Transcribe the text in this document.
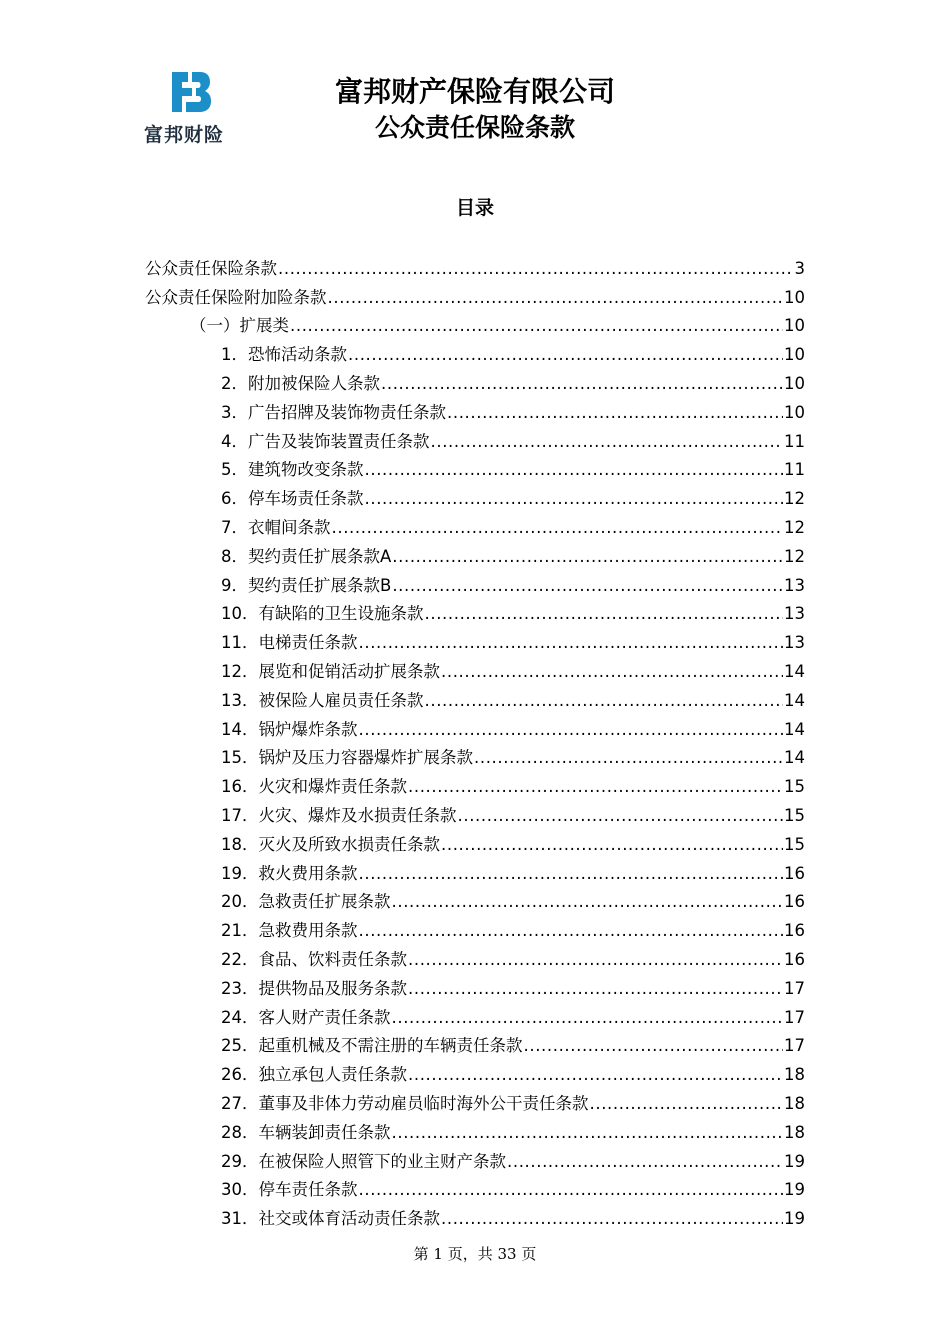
富邦财险
富邦财产保险有限公司
公众责任保险条款
目录
公众责任保险条款 .....	3
公众责任保险附加险条款 .....	10
（一）扩展类 .....	10
1． 恐怖活动条款 .....	10
2． 附加被保险人条款 .....	10
3． 广告招牌及装饰物责任条款 .....	10
4． 广告及装饰装置责任条款 .....	11
5． 建筑物改变条款 .....	11
6． 停车场责任条款 .....	12
7． 衣帽间条款 .....	12
8． 契约责任扩展条款A .....	12
9． 契约责任扩展条款B .....	13
10． 有缺陷的卫生设施条款 .....	13
11． 电梯责任条款 .....	13
12． 展览和促销活动扩展条款 .....	14
13． 被保险人雇员责任条款 .....	14
14． 锅炉爆炸条款 .....	14
15． 锅炉及压力容器爆炸扩展条款 .....	14
16． 火灾和爆炸责任条款 .....	15
17． 火灾、爆炸及水损责任条款 .....	15
18． 灭火及所致水损责任条款 .....	15
19． 救火费用条款 .....	16
20． 急救责任扩展条款 .....	16
21． 急救费用条款 .....	16
22． 食品、饮料责任条款 .....	16
23． 提供物品及服务条款 .....	17
24． 客人财产责任条款 .....	17
25． 起重机械及不需注册的车辆责任条款 .....	17
26． 独立承包人责任条款 .....	18
27． 董事及非体力劳动雇员临时海外公干责任条款 .....	18
28． 车辆装卸责任条款 .....	18
29． 在被保险人照管下的业主财产条款 .....	19
30． 停车责任条款 .....	19
31． 社交或体育活动责任条款 .....	19
第 1 页，共 33 页
